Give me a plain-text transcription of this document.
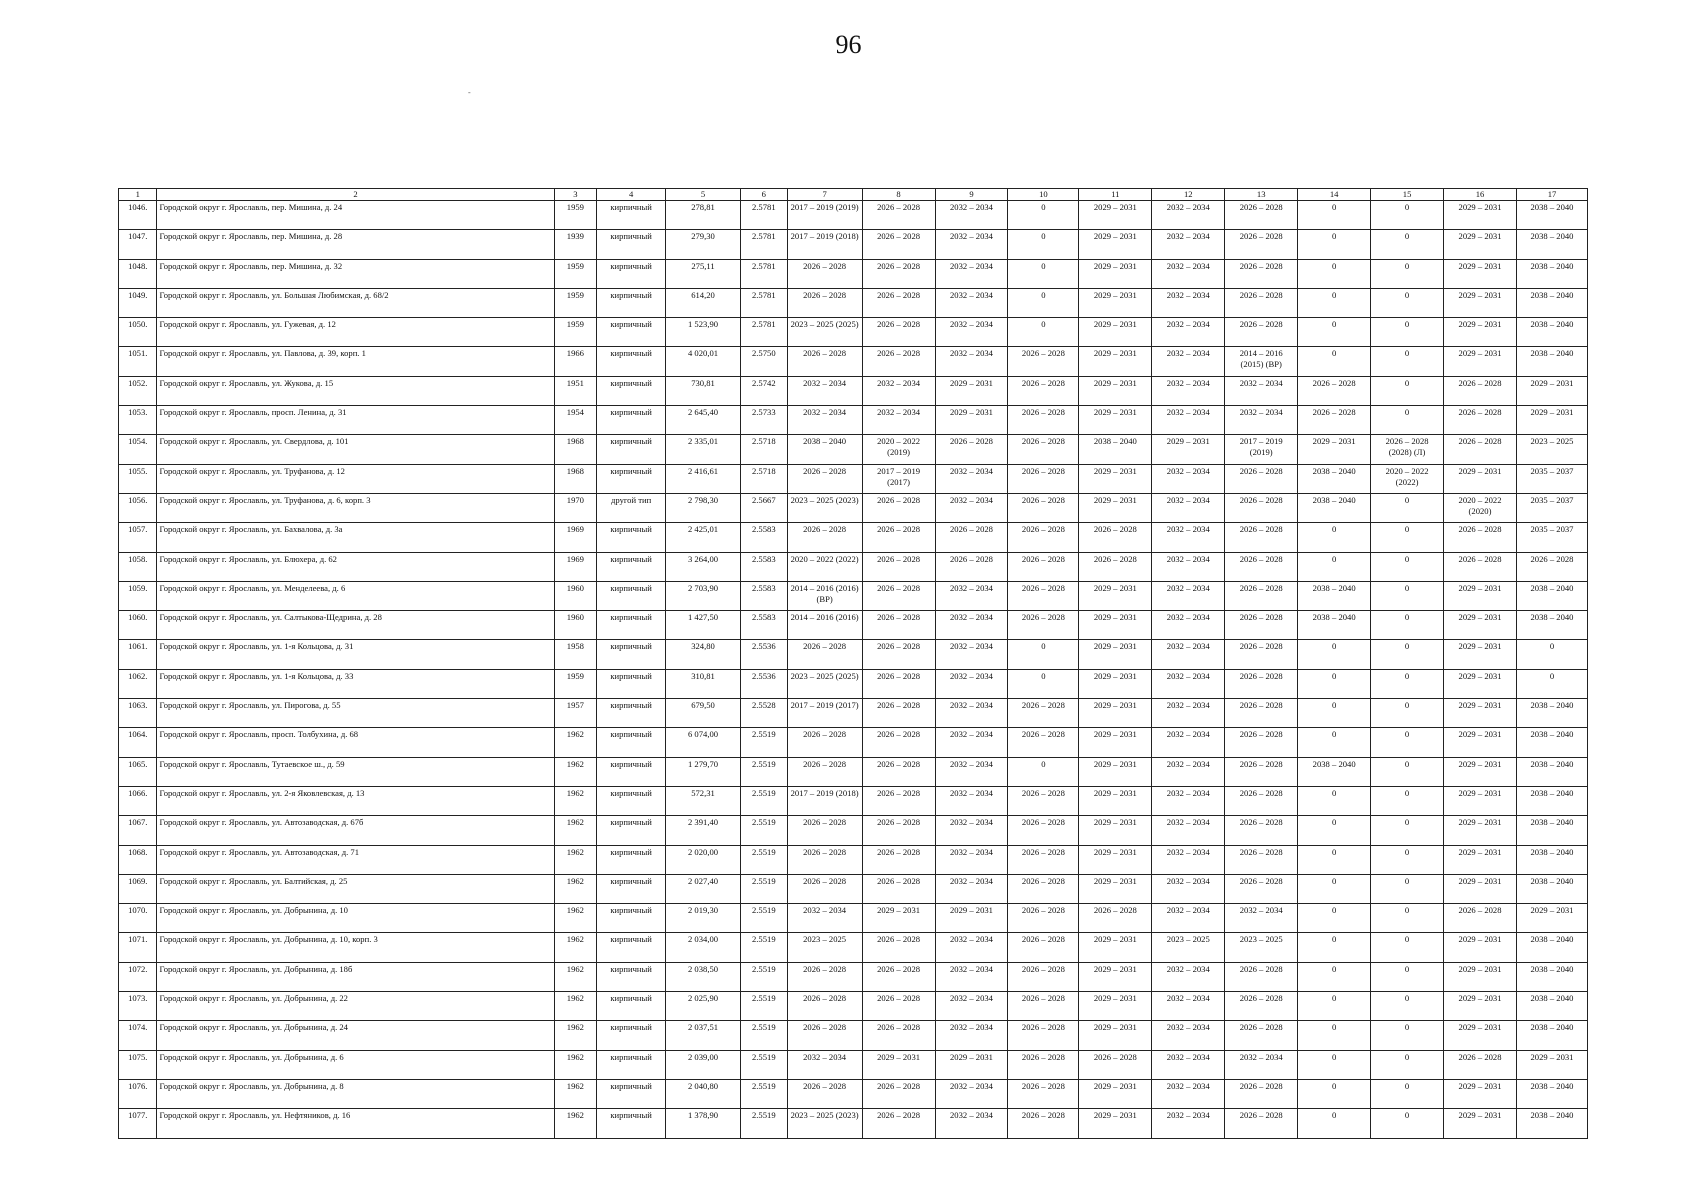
96
-
1	2	3	4	5	6	7	8	9	10	11	12	13	14	15	16	17
1046.	Городской округ г. Ярославль, пер. Мишина, д. 24	1959	кирпичный	278,81	2.5781	2017 – 2019 (2019)	2026 – 2028	2032 – 2034	0	2029 – 2031	2032 – 2034	2026 – 2028	0	0	2029 – 2031	2038 – 2040
1047.	Городской округ г. Ярославль, пер. Мишина, д. 28	1939	кирпичный	279,30	2.5781	2017 – 2019 (2018)	2026 – 2028	2032 – 2034	0	2029 – 2031	2032 – 2034	2026 – 2028	0	0	2029 – 2031	2038 – 2040
1048.	Городской округ г. Ярославль, пер. Мишина, д. 32	1959	кирпичный	275,11	2.5781	2026 – 2028	2026 – 2028	2032 – 2034	0	2029 – 2031	2032 – 2034	2026 – 2028	0	0	2029 – 2031	2038 – 2040
1049.	Городской округ г. Ярославль, ул. Большая Любимская, д. 68/2	1959	кирпичный	614,20	2.5781	2026 – 2028	2026 – 2028	2032 – 2034	0	2029 – 2031	2032 – 2034	2026 – 2028	0	0	2029 – 2031	2038 – 2040
1050.	Городской округ г. Ярославль, ул. Гужевая, д. 12	1959	кирпичный	1 523,90	2.5781	2023 – 2025 (2025)	2026 – 2028	2032 – 2034	0	2029 – 2031	2032 – 2034	2026 – 2028	0	0	2029 – 2031	2038 – 2040
1051.	Городской округ г. Ярославль, ул. Павлова, д. 39, корп. 1	1966	кирпичный	4 020,01	2.5750	2026 – 2028	2026 – 2028	2032 – 2034	2026 – 2028	2029 – 2031	2032 – 2034	2014 – 2016 (2015) (ВР)	0	0	2029 – 2031	2038 – 2040
1052.	Городской округ г. Ярославль, ул. Жукова, д. 15	1951	кирпичный	730,81	2.5742	2032 – 2034	2032 – 2034	2029 – 2031	2026 – 2028	2029 – 2031	2032 – 2034	2032 – 2034	2026 – 2028	0	2026 – 2028	2029 – 2031
1053.	Городской округ г. Ярославль, просп. Ленина, д. 31	1954	кирпичный	2 645,40	2.5733	2032 – 2034	2032 – 2034	2029 – 2031	2026 – 2028	2029 – 2031	2032 – 2034	2032 – 2034	2026 – 2028	0	2026 – 2028	2029 – 2031
1054.	Городской округ г. Ярославль, ул. Свердлова, д. 101	1968	кирпичный	2 335,01	2.5718	2038 – 2040	2020 – 2022 (2019)	2026 – 2028	2026 – 2028	2038 – 2040	2029 – 2031	2017 – 2019 (2019)	2029 – 2031	2026 – 2028 (2028) (Л)	2026 – 2028	2023 – 2025
1055.	Городской округ г. Ярославль, ул. Труфанова, д. 12	1968	кирпичный	2 416,61	2.5718	2026 – 2028	2017 – 2019 (2017)	2032 – 2034	2026 – 2028	2029 – 2031	2032 – 2034	2026 – 2028	2038 – 2040	2020 – 2022 (2022)	2029 – 2031	2035 – 2037
1056.	Городской округ г. Ярославль, ул. Труфанова, д. 6, корп. 3	1970	другой тип	2 798,30	2.5667	2023 – 2025 (2023)	2026 – 2028	2032 – 2034	2026 – 2028	2029 – 2031	2032 – 2034	2026 – 2028	2038 – 2040	0	2020 – 2022 (2020)	2035 – 2037
1057.	Городской округ г. Ярославль, ул. Бахвалова, д. 3а	1969	кирпичный	2 425,01	2.5583	2026 – 2028	2026 – 2028	2026 – 2028	2026 – 2028	2026 – 2028	2032 – 2034	2026 – 2028	0	0	2026 – 2028	2035 – 2037
1058.	Городской округ г. Ярославль, ул. Блюхера, д. 62	1969	кирпичный	3 264,00	2.5583	2020 – 2022 (2022)	2026 – 2028	2026 – 2028	2026 – 2028	2026 – 2028	2032 – 2034	2026 – 2028	0	0	2026 – 2028	2026 – 2028
1059.	Городской округ г. Ярославль, ул. Менделеева, д. 6	1960	кирпичный	2 703,90	2.5583	2014 – 2016 (2016) (ВР)	2026 – 2028	2032 – 2034	2026 – 2028	2029 – 2031	2032 – 2034	2026 – 2028	2038 – 2040	0	2029 – 2031	2038 – 2040
1060.	Городской округ г. Ярославль, ул. Салтыкова-Щедрина, д. 28	1960	кирпичный	1 427,50	2.5583	2014 – 2016 (2016)	2026 – 2028	2032 – 2034	2026 – 2028	2029 – 2031	2032 – 2034	2026 – 2028	2038 – 2040	0	2029 – 2031	2038 – 2040
1061.	Городской округ г. Ярославль, ул. 1-я Кольцова, д. 31	1958	кирпичный	324,80	2.5536	2026 – 2028	2026 – 2028	2032 – 2034	0	2029 – 2031	2032 – 2034	2026 – 2028	0	0	2029 – 2031	0
1062.	Городской округ г. Ярославль, ул. 1-я Кольцова, д. 33	1959	кирпичный	310,81	2.5536	2023 – 2025 (2025)	2026 – 2028	2032 – 2034	0	2029 – 2031	2032 – 2034	2026 – 2028	0	0	2029 – 2031	0
1063.	Городской округ г. Ярославль, ул. Пирогова, д. 55	1957	кирпичный	679,50	2.5528	2017 – 2019 (2017)	2026 – 2028	2032 – 2034	2026 – 2028	2029 – 2031	2032 – 2034	2026 – 2028	0	0	2029 – 2031	2038 – 2040
1064.	Городской округ г. Ярославль, просп. Толбухина, д. 68	1962	кирпичный	6 074,00	2.5519	2026 – 2028	2026 – 2028	2032 – 2034	2026 – 2028	2029 – 2031	2032 – 2034	2026 – 2028	0	0	2029 – 2031	2038 – 2040
1065.	Городской округ г. Ярославль, Тутаевское ш., д. 59	1962	кирпичный	1 279,70	2.5519	2026 – 2028	2026 – 2028	2032 – 2034	0	2029 – 2031	2032 – 2034	2026 – 2028	2038 – 2040	0	2029 – 2031	2038 – 2040
1066.	Городской округ г. Ярославль, ул. 2-я Яковлевская, д. 13	1962	кирпичный	572,31	2.5519	2017 – 2019 (2018)	2026 – 2028	2032 – 2034	2026 – 2028	2029 – 2031	2032 – 2034	2026 – 2028	0	0	2029 – 2031	2038 – 2040
1067.	Городской округ г. Ярославль, ул. Автозаводская, д. 67б	1962	кирпичный	2 391,40	2.5519	2026 – 2028	2026 – 2028	2032 – 2034	2026 – 2028	2029 – 2031	2032 – 2034	2026 – 2028	0	0	2029 – 2031	2038 – 2040
1068.	Городской округ г. Ярославль, ул. Автозаводская, д. 71	1962	кирпичный	2 020,00	2.5519	2026 – 2028	2026 – 2028	2032 – 2034	2026 – 2028	2029 – 2031	2032 – 2034	2026 – 2028	0	0	2029 – 2031	2038 – 2040
1069.	Городской округ г. Ярославль, ул. Балтийская, д. 25	1962	кирпичный	2 027,40	2.5519	2026 – 2028	2026 – 2028	2032 – 2034	2026 – 2028	2029 – 2031	2032 – 2034	2026 – 2028	0	0	2029 – 2031	2038 – 2040
1070.	Городской округ г. Ярославль, ул. Добрынина, д. 10	1962	кирпичный	2 019,30	2.5519	2032 – 2034	2029 – 2031	2029 – 2031	2026 – 2028	2026 – 2028	2032 – 2034	2032 – 2034	0	0	2026 – 2028	2029 – 2031
1071.	Городской округ г. Ярославль, ул. Добрынина, д. 10, корп. 3	1962	кирпичный	2 034,00	2.5519	2023 – 2025	2026 – 2028	2032 – 2034	2026 – 2028	2029 – 2031	2023 – 2025	2023 – 2025	0	0	2029 – 2031	2038 – 2040
1072.	Городской округ г. Ярославль, ул. Добрынина, д. 18б	1962	кирпичный	2 038,50	2.5519	2026 – 2028	2026 – 2028	2032 – 2034	2026 – 2028	2029 – 2031	2032 – 2034	2026 – 2028	0	0	2029 – 2031	2038 – 2040
1073.	Городской округ г. Ярославль, ул. Добрынина, д. 22	1962	кирпичный	2 025,90	2.5519	2026 – 2028	2026 – 2028	2032 – 2034	2026 – 2028	2029 – 2031	2032 – 2034	2026 – 2028	0	0	2029 – 2031	2038 – 2040
1074.	Городской округ г. Ярославль, ул. Добрынина, д. 24	1962	кирпичный	2 037,51	2.5519	2026 – 2028	2026 – 2028	2032 – 2034	2026 – 2028	2029 – 2031	2032 – 2034	2026 – 2028	0	0	2029 – 2031	2038 – 2040
1075.	Городской округ г. Ярославль, ул. Добрынина, д. 6	1962	кирпичный	2 039,00	2.5519	2032 – 2034	2029 – 2031	2029 – 2031	2026 – 2028	2026 – 2028	2032 – 2034	2032 – 2034	0	0	2026 – 2028	2029 – 2031
1076.	Городской округ г. Ярославль, ул. Добрынина, д. 8	1962	кирпичный	2 040,80	2.5519	2026 – 2028	2026 – 2028	2032 – 2034	2026 – 2028	2029 – 2031	2032 – 2034	2026 – 2028	0	0	2029 – 2031	2038 – 2040
1077.	Городской округ г. Ярославль, ул. Нефтяников, д. 16	1962	кирпичный	1 378,90	2.5519	2023 – 2025 (2023)	2026 – 2028	2032 – 2034	2026 – 2028	2029 – 2031	2032 – 2034	2026 – 2028	0	0	2029 – 2031	2038 – 2040
